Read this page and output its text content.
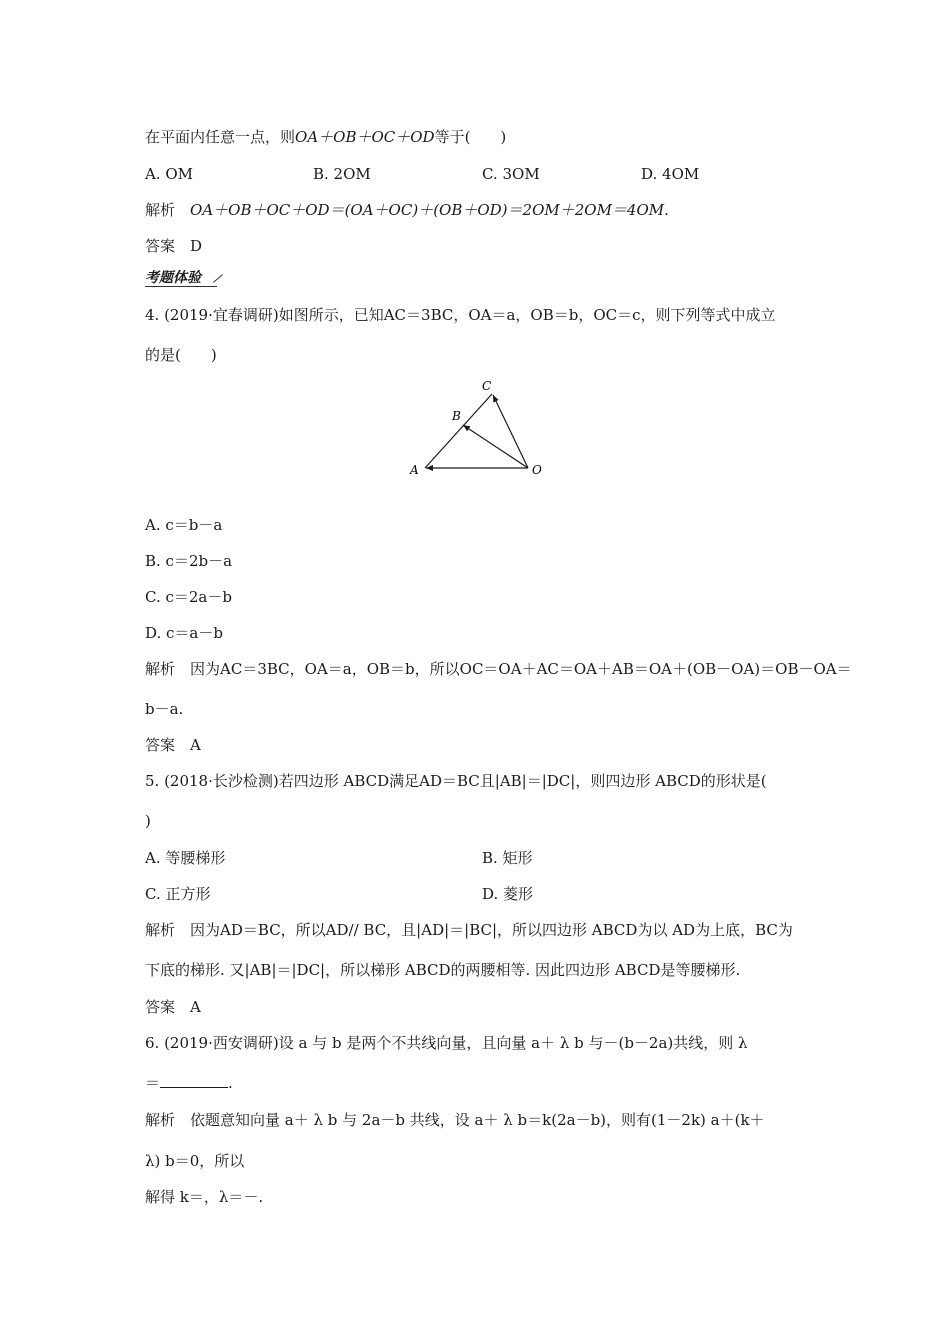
在平面内任意一点，则OA＋OB＋OC＋OD等于(　　)
A. OM	B. 2OM	C. 3OM	D. 4OM
解析　 OA＋OB＋OC＋OD＝(OA＋OC)＋(OB＋OD)＝2OM＋2OM＝4OM.
答案　 D
考题体验
4. (2019·宜春调研)如图所示，已知AC＝3BC，OA＝a，OB＝b，OC＝c，则下列等式中成立
的是(　　)
C
B
A	O
A. c＝b－a
B. c＝2b－a
C. c＝2a－b
D. c＝a－b
解析　 因为AC＝3BC，OA＝a，OB＝b，所以OC＝OA＋AC＝OA＋AB＝OA＋(OB－OA)＝OB－OA＝
b－a.
答案　 A
5. (2018·长沙检测)若四边形 ABCD满足AD＝BC且|AB|＝|DC|，则四边形 ABCD的形状是(
)
A. 等腰梯形	B. 矩形
C. 正方形	D. 菱形
解析　 因为AD＝BC，所以AD// BC，且|AD|＝|BC|，所以四边形 ABCD为以 AD为上底，BC为
下底的梯形. 又|AB|＝|DC|，所以梯形 ABCD的两腰相等. 因此四边形 ABCD是等腰梯形.
答案　 A
6. (2019·西安调研)设 a 与 b 是两个不共线向量，且向量 a＋ λ b 与－(b－2a)共线，则 λ
＝	.
解析　 依题意知向量 a＋ λ b 与 2a－b 共线，设 a＋ λ b＝k(2a－b)，则有(1－2k) a＋(k＋
λ) b＝0，所以
解得 k＝，λ＝－.
